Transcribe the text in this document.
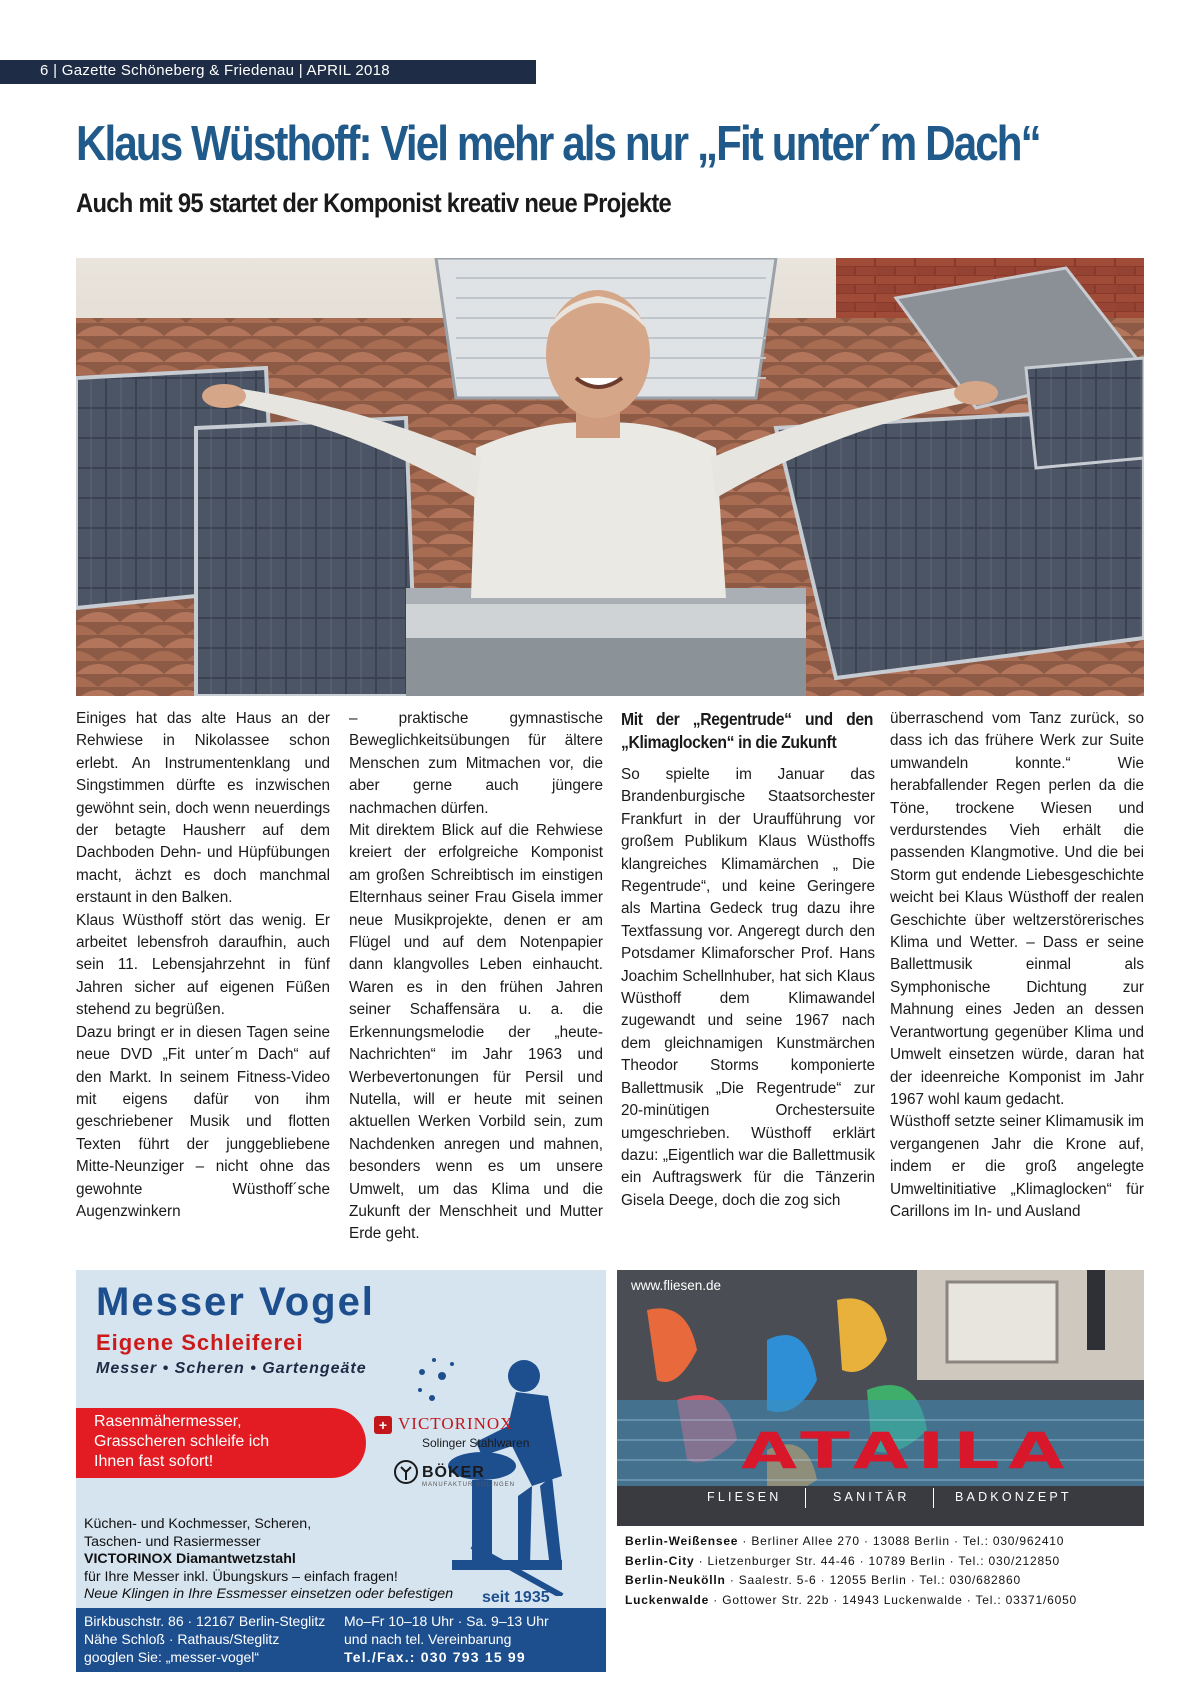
6 | Gazette Schöneberg & Friedenau | APRIL 2018
Klaus Wüsthoff: Viel mehr als nur „Fit unter´m Dach“
Auch mit 95 startet der Komponist kreativ neue Projekte

Einiges hat das alte Haus an der Rehwiese in Nikolassee schon erlebt. An Instrumentenklang und Singstimmen dürfte es inzwischen gewöhnt sein, doch wenn neuerdings der betagte Hausherr auf dem Dachboden Dehn- und Hüpfübungen macht, ächzt es doch manchmal erstaunt in den Balken.

Klaus Wüsthoff stört das wenig. Er arbeitet lebensfroh daraufhin, auch sein 11. Lebensjahrzehnt in fünf Jahren sicher auf eigenen Füßen stehend zu begrüßen.

Dazu bringt er in diesen Tagen seine neue DVD „Fit unter´m Dach“ auf den Markt. In seinem Fitness-Video mit eigens dafür von ihm geschriebener Musik und flotten Texten führt der junggebliebene Mitte-Neunziger – nicht ohne das gewohnte Wüsthoff´sche Augenzwinkern

– praktische gymnastische Beweglichkeitsübungen für ältere Menschen zum Mitmachen vor, die aber gerne auch jüngere nachmachen dürfen.

Mit direktem Blick auf die Rehwiese kreiert der erfolgreiche Komponist am großen Schreibtisch im einstigen Elternhaus seiner Frau Gisela immer neue Musikprojekte, denen er am Flügel und auf dem Notenpapier dann klangvolles Leben einhaucht. Waren es in den frühen Jahren seiner Schaffensära u. a. die Erkennungsmelodie der „heute-Nachrichten“ im Jahr 1963 und Werbevertonungen für Persil und Nutella, will er heute mit seinen aktuellen Werken Vorbild sein, zum Nachdenken anregen und mahnen, besonders wenn es um unsere Umwelt, um das Klima und die Zukunft der Menschheit und Mutter Erde geht.

Mit der „Regentrude“ und den „Klimaglocken“ in die Zukunft

So spielte im Januar das Brandenburgische Staatsorchester Frankfurt in der Uraufführung vor großem Publikum Klaus Wüsthoffs klangreiches Klimamärchen „ Die Regentrude“, und keine Geringere als Martina Gedeck trug dazu ihre Textfassung vor. Angeregt durch den Potsdamer Klimaforscher Prof. Hans Joachim Schellnhuber, hat sich Klaus Wüsthoff dem Klimawandel zugewandt und seine 1967 nach dem gleichnamigen Kunstmärchen Theodor Storms komponierte Ballettmusik „Die Regentrude“ zur 20-minütigen Orchestersuite umgeschrieben. Wüsthoff erklärt dazu: „Eigentlich war die Ballettmusik ein Auftragswerk für die Tänzerin Gisela Deege, doch die zog sich

überraschend vom Tanz zurück, so dass ich das frühere Werk zur Suite umwandeln konnte.“ Wie herabfallender Regen perlen da die Töne, trockene Wiesen und verdurstendes Vieh erhält die passenden Klangmotive. Und die bei Storm gut endende Liebesgeschichte weicht bei Klaus Wüsthoff der realen Geschichte über weltzerstörerisches Klima und Wetter. – Dass er seine Ballettmusik einmal als Symphonische Dichtung zur Mahnung eines Jeden an dessen Verantwortung gegenüber Klima und Umwelt einsetzen würde, daran hat der ideenreiche Komponist im Jahr 1967 wohl kaum gedacht.

Wüsthoff setzte seiner Klimamusik im vergangenen Jahr die Krone auf, indem er die groß angelegte Umweltinitiative „Klimaglocken“ für Carillons im In- und Ausland

Messer Vogel
Eigene Schleiferei
Messer • Scheren • Gartengeäte
Rasenmähermesser,
Grasscheren schleife ich
Ihnen fast sofort!
+ VICTORINOX
Solinger Stahlwaren
BÖKER
MANUFAKTUR SOLINGEN
Küchen- und Kochmesser, Scheren,
Taschen- und Rasiermesser
VICTORINOX Diamantwetzstahl
für Ihre Messer inkl. Übungskurs – einfach fragen!
Neue Klingen in Ihre Essmesser einsetzen oder befestigen seit 1935
Birkbuschstr. 86 · 12167 Berlin-Steglitz
Nähe Schloß · Rathaus/Steglitz
googlen Sie: „messer-vogel“
Mo–Fr 10–18 Uhr · Sa. 9–13 Uhr
und nach tel. Vereinbarung
Tel./Fax.: 030 793 15 99
www.fliesen.de
ATAILA
FLIESEN	SANITÄR	BADKONZEPT
Berlin-Weißensee · Berliner Allee 270 · 13088 Berlin · Tel.: 030/962410
Berlin-City · Lietzenburger Str. 44-46 · 10789 Berlin · Tel.: 030/212850
Berlin-Neukölln · Saalestr. 5-6 · 12055 Berlin · Tel.: 030/682860
Luckenwalde · Gottower Str. 22b · 14943 Luckenwalde · Tel.: 03371/6050
